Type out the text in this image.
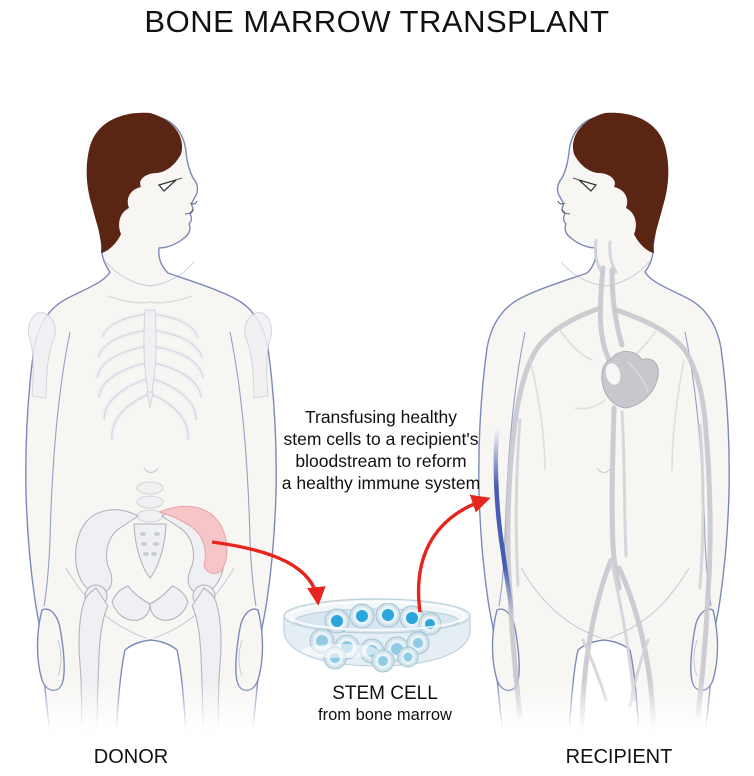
BONE MARROW TRANSPLANT
Transfusing healthy
stem cells to a recipient's
bloodstream to reform
a healthy immune system
STEM CELL
from bone marrow
DONOR	RECIPIENT
